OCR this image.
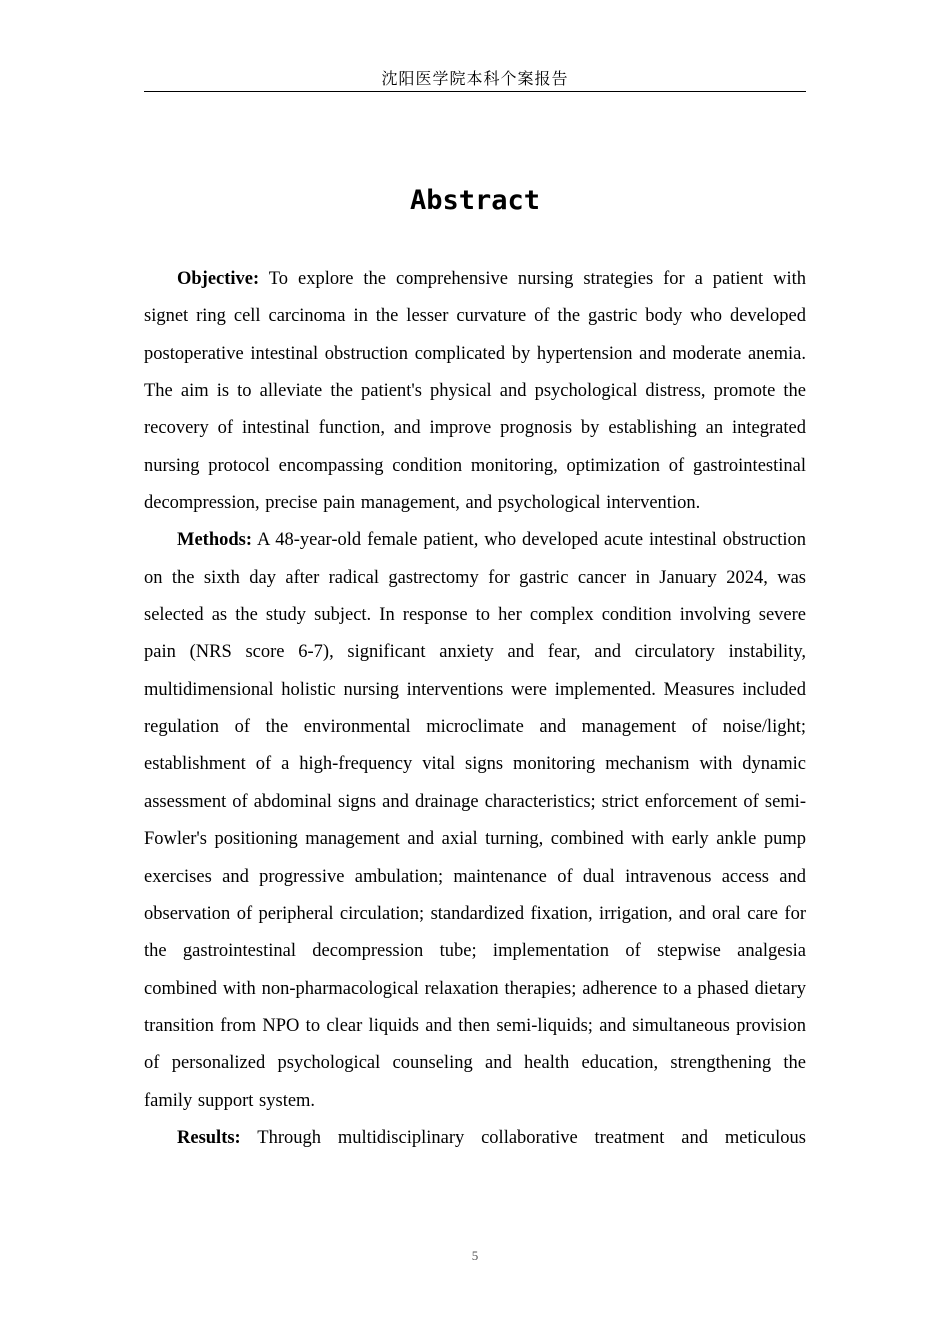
沈阳医学院本科个案报告
Abstract

Objective: To explore the comprehensive nursing strategies for a patient with signet ring cell carcinoma in the lesser curvature of the gastric body who developed postoperative intestinal obstruction complicated by hypertension and moderate anemia. The aim is to alleviate the patient's physical and psychological distress, promote the recovery of intestinal function, and improve prognosis by establishing an integrated nursing protocol encompassing condition monitoring, optimization of gastrointestinal decompression, precise pain management, and psychological intervention.

Methods: A 48-year-old female patient, who developed acute intestinal obstruction on the sixth day after radical gastrectomy for gastric cancer in January 2024, was selected as the study subject. In response to her complex condition involving severe pain (NRS score 6-7), significant anxiety and fear, and circulatory instability, multidimensional holistic nursing interventions were implemented. Measures included regulation of the environmental microclimate and management of noise/light; establishment of a high-frequency vital signs monitoring mechanism with dynamic assessment of abdominal signs and drainage characteristics; strict enforcement of semi-Fowler's positioning management and axial turning, combined with early ankle pump exercises and progressive ambulation; maintenance of dual intravenous access and observation of peripheral circulation; standardized fixation, irrigation, and oral care for the gastrointestinal decompression tube; implementation of stepwise analgesia combined with non-pharmacological relaxation therapies; adherence to a phased dietary transition from NPO to clear liquids and then semi-liquids; and simultaneous provision of personalized psychological counseling and health education, strengthening the family support system.

Results: Through multidisciplinary collaborative treatment and meticulous

5
